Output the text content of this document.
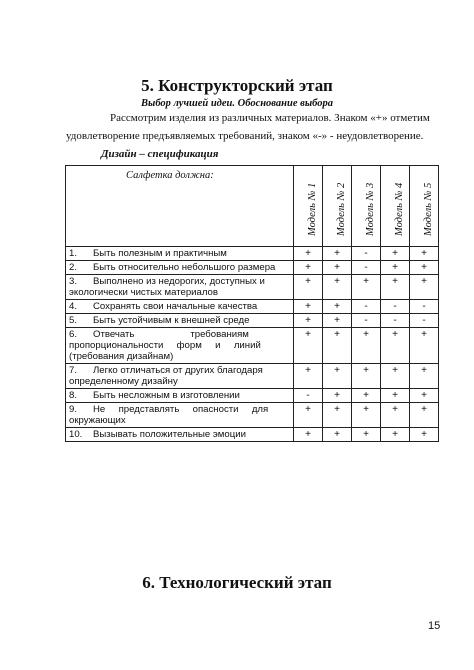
5. Конструкторский этап
Выбор лучшей идеи. Обоснование выбора
Рассмотрим изделия из различных материалов. Знаком «+» отметим
удовлетворение предъявляемых требований, знаком «-» - неудовлетворение.
Дизайн – спецификация
Салфетка должна:	Модель № 1	Модель № 2	Модель № 3	Модель № 4	Модель № 5

1.      Быть полезным и практичным	+	+	-	+	+
2.      Быть относительно небольшого размера	+	+	-	+	+
3.      Выполнено из недорогих, доступных и экологически чистых материалов	+	+	+	+	+
4.      Сохранять свои начальные качества	+	+	-	-	-
5.      Быть устойчивым к внешней среде	+	+	-	-	-
6.      Отвечать                     требованиям пропорциональности     форм     и     линий (требования дизайнам)	+	+	+	+	+
7.      Легко отличаться от других благодаря определенному дизайну	+	+	+	+	+
8.      Быть несложным в изготовлении	-	+	+	+	+
9.      Не     представлять     опасности     для окружающих	+	+	+	+	+
10.    Вызывать положительные эмоции	+	+	+	+	+
6. Технологический этап
15
